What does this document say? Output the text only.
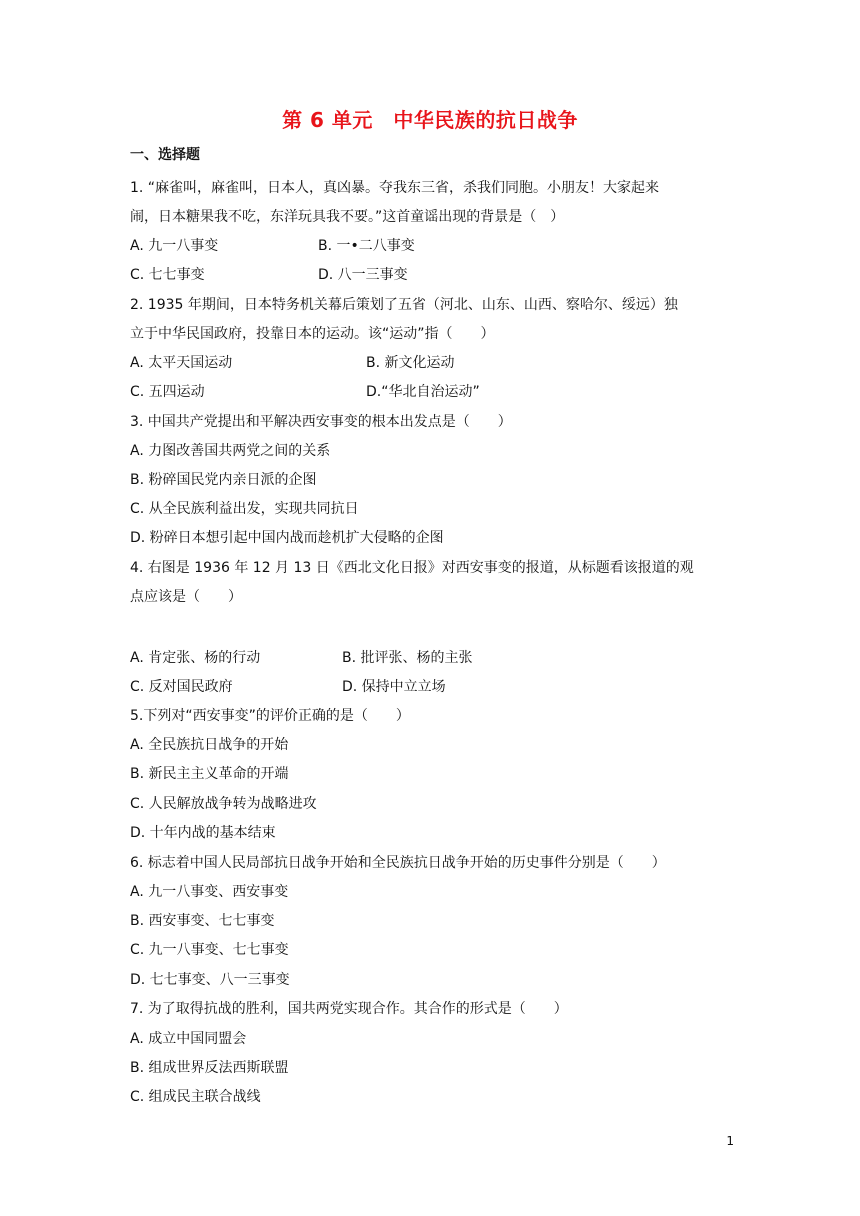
第 6 单元　中华民族的抗日战争
一、选择题
1. “麻雀叫，麻雀叫，日本人，真凶暴。夺我东三省，杀我们同胞。小朋友！大家起来
闹，日本糖果我不吃，东洋玩具我不要。”这首童谣出现的背景是（　）
A. 九一八事变	B. 一•二八事变
C. 七七事变	D. 八一三事变
2. 1935 年期间，日本特务机关幕后策划了五省（河北、山东、山西、察哈尔、绥远）独
立于中华民国政府，投靠日本的运动。该“运动”指（　　）
A. 太平天国运动	B. 新文化运动
C. 五四运动	D.“华北自治运动”
3. 中国共产党提出和平解决西安事变的根本出发点是（　　）
A. 力图改善国共两党之间的关系
B. 粉碎国民党内亲日派的企图
C. 从全民族利益出发，实现共同抗日
D. 粉碎日本想引起中国内战而趁机扩大侵略的企图
4. 右图是 1936 年 12 月 13 日《西北文化日报》对西安事变的报道，从标题看该报道的观
点应该是（　　）
A. 肯定张、杨的行动	B. 批评张、杨的主张
C. 反对国民政府	D. 保持中立立场
5.下列对“西安事变”的评价正确的是（　　）
A. 全民族抗日战争的开始
B. 新民主主义革命的开端
C. 人民解放战争转为战略进攻
D. 十年内战的基本结束
6. 标志着中国人民局部抗日战争开始和全民族抗日战争开始的历史事件分别是（　　）
A. 九一八事变、西安事变
B. 西安事变、七七事变
C. 九一八事变、七七事变
D. 七七事变、八一三事变
7. 为了取得抗战的胜利，国共两党实现合作。其合作的形式是（　　）
A. 成立中国同盟会
B. 组成世界反法西斯联盟
C. 组成民主联合战线
1
